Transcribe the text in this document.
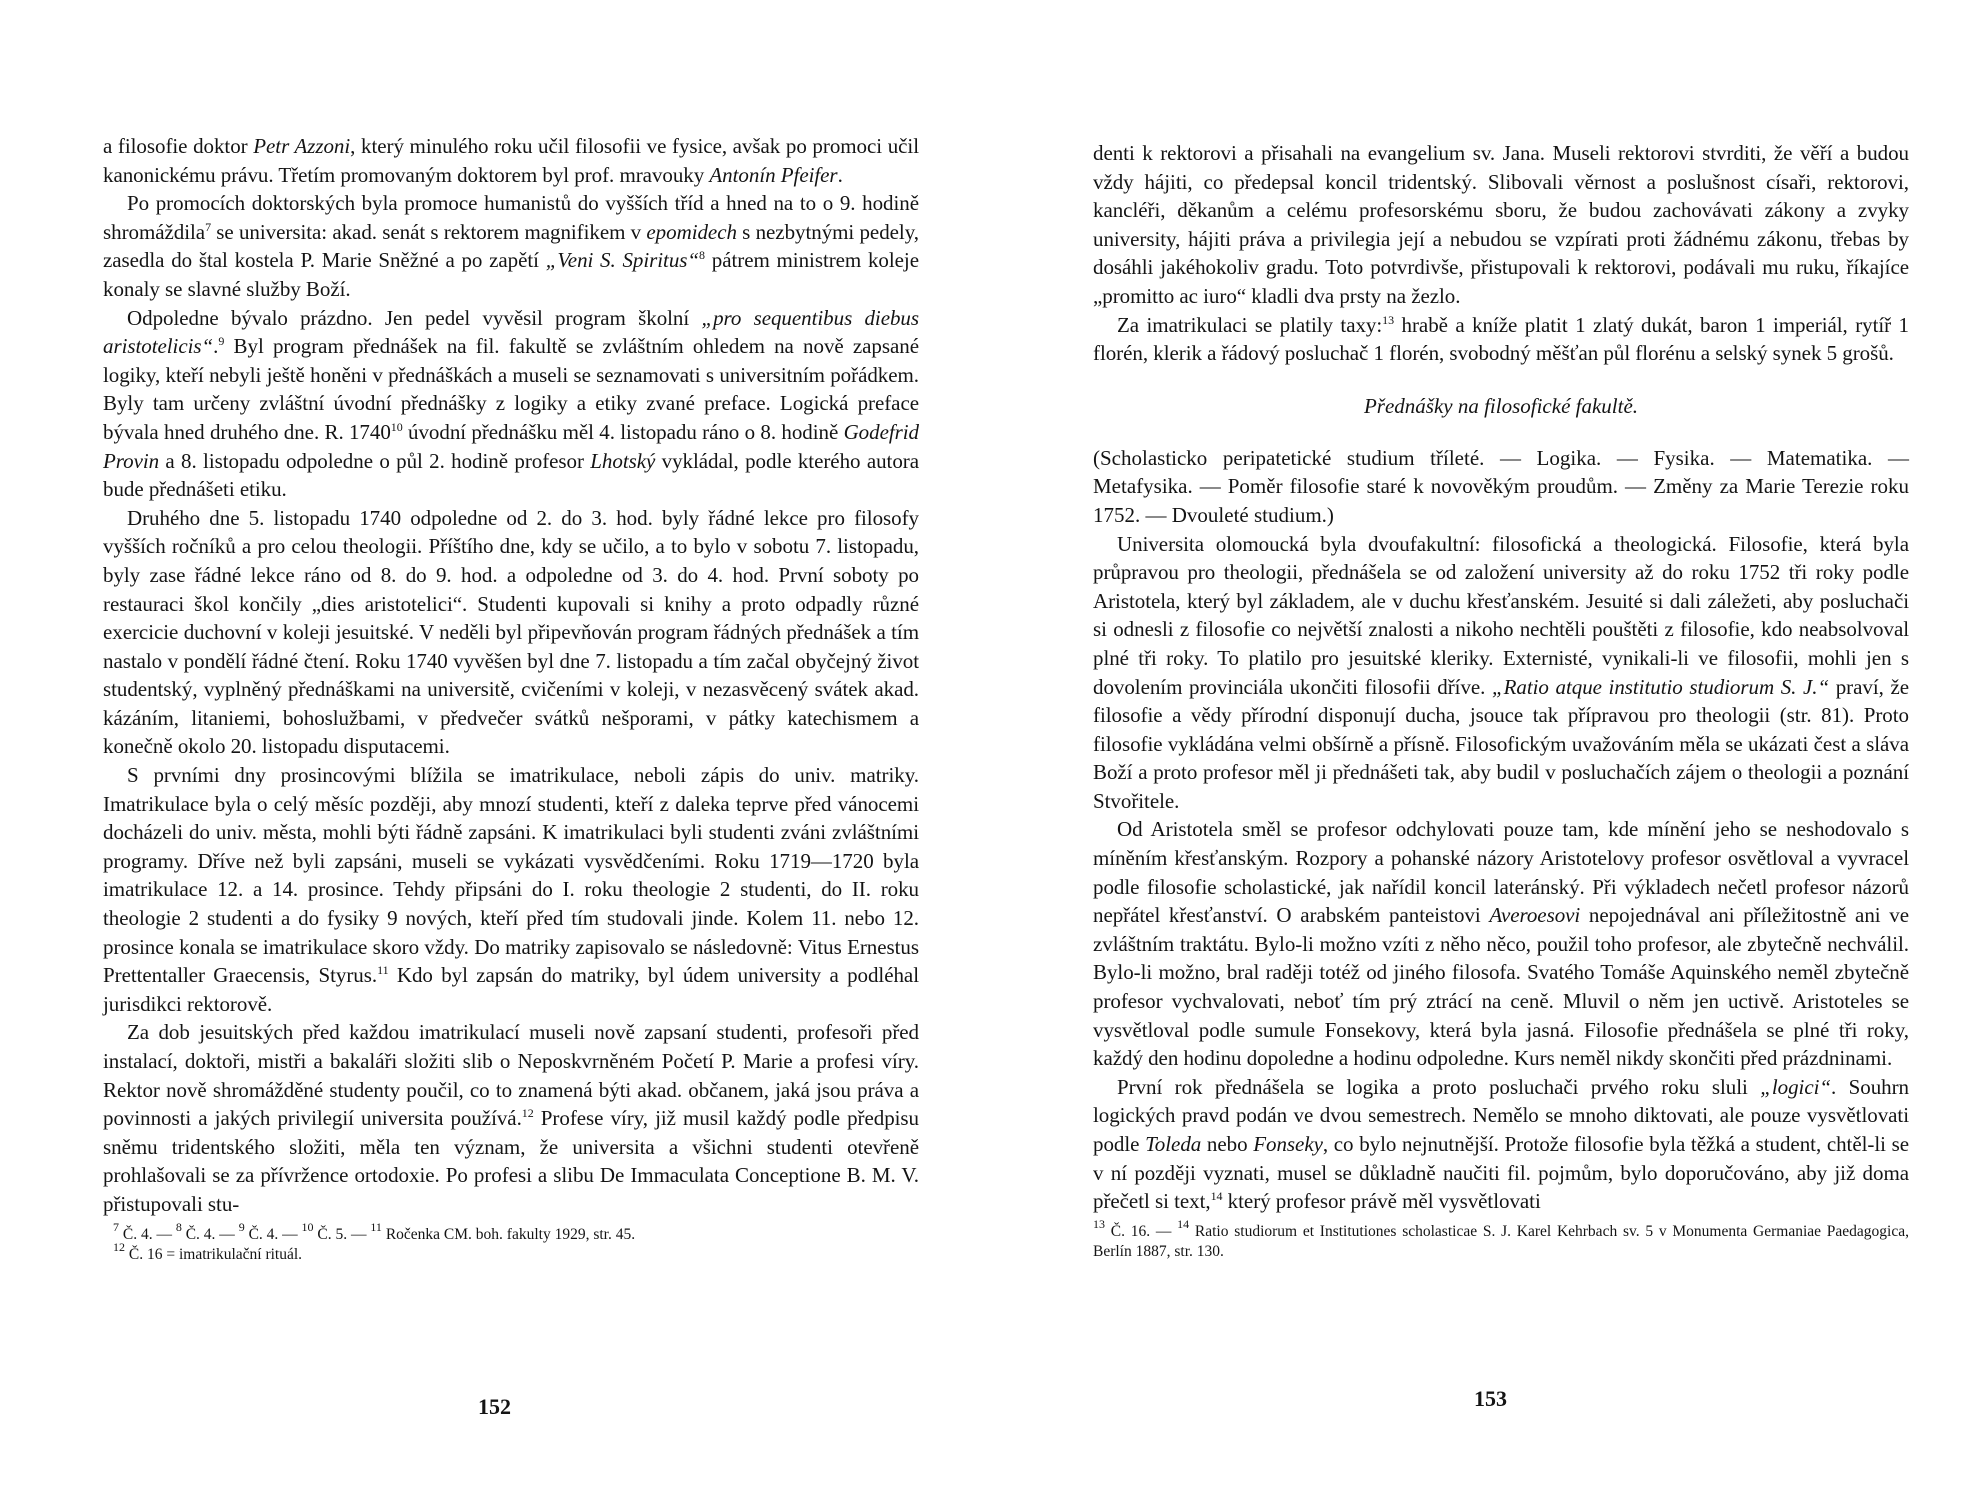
a filosofie doktor Petr Azzoni, který minulého roku učil filosofii ve fysice, avšak po promoci učil kanonickému právu. Třetím promovaným doktorem byl prof. mravouky Antonín Pfeifer.

Po promocích doktorských byla promoce humanistů do vyšších tříd a hned na to o 9. hodině shromáždila$^7$ se universita: akad. senát s rektorem magnifikem v epomidech s nezbytnými pedely, zasedla do štal kostela P. Marie Sněžné a po zapětí „Veni S. Spiritus“$^8$ pátrem ministrem koleje konaly se slavné služby Boží.

Odpoledne bývalo prázdno. Jen pedel vyvěsil program školní „pro sequentibus diebus aristotelicis“.$^9$ Byl program přednášek na fil. fakultě se zvláštním ohledem na nově zapsané logiky, kteří nebyli ještě honěni v přednáškách a museli se seznamovati s universitním pořádkem. Byly tam určeny zvláštní úvodní přednášky z logiky a etiky zvané preface. Logická preface bývala hned druhého dne. R. 1740$^{10}$ úvodní přednášku měl 4. listopadu ráno o 8. hodině Godefrid Provin a 8. listopadu odpoledne o půl 2. hodině profesor Lhotský vykládal, podle kterého autora bude přednášeti etiku.

Druhého dne 5. listopadu 1740 odpoledne od 2. do 3. hod. byly řádné lekce pro filosofy vyšších ročníků a pro celou theologii. Příštího dne, kdy se učilo, a to bylo v sobotu 7. listopadu, byly zase řádné lekce ráno od 8. do 9. hod. a odpoledne od 3. do 4. hod. První soboty po restauraci škol končily „dies aristotelici“. Studenti kupovali si knihy a proto odpadly různé exercicie duchovní v koleji jesuitské. V neděli byl připevňován program řádných přednášek a tím nastalo v pondělí řádné čtení. Roku 1740 vyvěšen byl dne 7. listopadu a tím začal obyčejný život studentský, vyplněný přednáškami na universitě, cvičeními v koleji, v nezasvěcený svátek akad. kázáním, litaniemi, bohoslužbami, v předvečer svátků nešporami, v pátky katechismem a konečně okolo 20. listopadu disputacemi.

S prvními dny prosincovými blížila se imatrikulace, neboli zápis do univ. matriky. Imatrikulace byla o celý měsíc později, aby mnozí studenti, kteří z daleka teprve před vánocemi docházeli do univ. města, mohli býti řádně zapsáni. K imatrikulaci byli studenti zváni zvláštními programy. Dříve než byli zapsáni, museli se vykázati vysvědčeními. Roku 1719—1720 byla imatrikulace 12. a 14. prosince. Tehdy připsáni do I. roku theologie 2 studenti, do II. roku theologie 2 studenti a do fysiky 9 nových, kteří před tím studovali jinde. Kolem 11. nebo 12. prosince konala se imatrikulace skoro vždy. Do matriky zapisovalo se následovně: Vitus Ernestus Prettentaller Graecensis, Styrus.$^{11}$ Kdo byl zapsán do matriky, byl údem university a podléhal jurisdikci rektorově.

Za dob jesuitských před každou imatrikulací museli nově zapsaní studenti, profesoři před instalací, doktoři, mistři a bakaláři složiti slib o Neposkvrněném Početí P. Marie a profesi víry. Rektor nově shromážděné studenty poučil, co to znamená býti akad. občanem, jaká jsou práva a povinnosti a jakých privilegií universita používá.$^{12}$ Profese víry, již musil každý podle předpisu sněmu tridentského složiti, měla ten význam, že universita a všichni studenti otevřeně prohlašovali se za přívržence ortodoxie. Po profesi a slibu De Immaculata Conceptione B. M. V. přistupovali stu-

$^7$ Č. 4. — $^8$ Č. 4. — $^9$ Č. 4. — $^{10}$ Č. 5. — $^{11}$ Ročenka CM. boh. fakulty 1929, str. 45.

$^{12}$ Č. 16 = imatrikulační rituál.

152

denti k rektorovi a přisahali na evangelium sv. Jana. Museli rektorovi stvrditi, že věří a budou vždy hájiti, co předepsal koncil tridentský. Slibovali věrnost a poslušnost císaři, rektorovi, kancléři, děkanům a celému profesorskému sboru, že budou zachovávati zákony a zvyky university, hájiti práva a privilegia její a nebudou se vzpírati proti žádnému zákonu, třebas by dosáhli jakéhokoliv gradu. Toto potvrdivše, přistupovali k rektorovi, podávali mu ruku, říkajíce „promitto ac iuro“ kladli dva prsty na žezlo.

Za imatrikulaci se platily taxy:$^{13}$ hrabě a kníže platit 1 zlatý dukát, baron 1 imperiál, rytíř 1 florén, klerik a řádový posluchač 1 florén, svobodný měšťan půl florénu a selský synek 5 grošů.

Přednášky na filosofické fakultě.

(Scholasticko peripatetické studium tříleté. — Logika. — Fysika. — Matematika. — Metafysika. — Poměr filosofie staré k novověkým proudům. — Změny za Marie Terezie roku 1752. — Dvouleté studium.)

Universita olomoucká byla dvoufakultní: filosofická a theologická. Filosofie, která byla průpravou pro theologii, přednášela se od založení university až do roku 1752 tři roky podle Aristotela, který byl základem, ale v duchu křesťanském. Jesuité si dali záležeti, aby posluchači si odnesli z filosofie co největší znalosti a nikoho nechtěli pouštěti z filosofie, kdo neabsolvoval plné tři roky. To platilo pro jesuitské kleriky. Externisté, vynikali-li ve filosofii, mohli jen s dovolením provinciála ukončiti filosofii dříve. „Ratio atque institutio studiorum S. J.“ praví, že filosofie a vědy přírodní disponují ducha, jsouce tak přípravou pro theologii (str. 81). Proto filosofie vykládána velmi obšírně a přísně. Filosofickým uvažováním měla se ukázati čest a sláva Boží a proto profesor měl ji přednášeti tak, aby budil v posluchačích zájem o theologii a poznání Stvořitele.

Od Aristotela směl se profesor odchylovati pouze tam, kde mínění jeho se neshodovalo s míněním křesťanským. Rozpory a pohanské názory Aristotelovy profesor osvětloval a vyvracel podle filosofie scholastické, jak nařídil koncil lateránský. Při výkladech nečetl profesor názorů nepřátel křesťanství. O arabském panteistovi Averoesovi nepojednával ani příležitostně ani ve zvláštním traktátu. Bylo-li možno vzíti z něho něco, použil toho profesor, ale zbytečně nechválil. Bylo-li možno, bral raději totéž od jiného filosofa. Svatého Tomáše Aquinského neměl zbytečně profesor vychvalovati, neboť tím prý ztrácí na ceně. Mluvil o něm jen uctivě. Aristoteles se vysvětloval podle sumule Fonsekovy, která byla jasná. Filosofie přednášela se plné tři roky, každý den hodinu dopoledne a hodinu odpoledne. Kurs neměl nikdy skončiti před prázdninami.

První rok přednášela se logika a proto posluchači prvého roku sluli „logici“. Souhrn logických pravd podán ve dvou semestrech. Nemělo se mnoho diktovati, ale pouze vysvětlovati podle Toleda nebo Fonseky, co bylo nejnutnější. Protože filosofie byla těžká a student, chtěl-li se v ní později vyznati, musel se důkladně naučiti fil. pojmům, bylo doporučováno, aby již doma přečetl si text,$^{14}$ který profesor právě měl vysvětlovati

$^{13}$ Č. 16. — $^{14}$ Ratio studiorum et Institutiones scholasticae S. J. Karel Kehrbach sv. 5 v Monumenta Germaniae Paedagogica, Berlín 1887, str. 130.

153
